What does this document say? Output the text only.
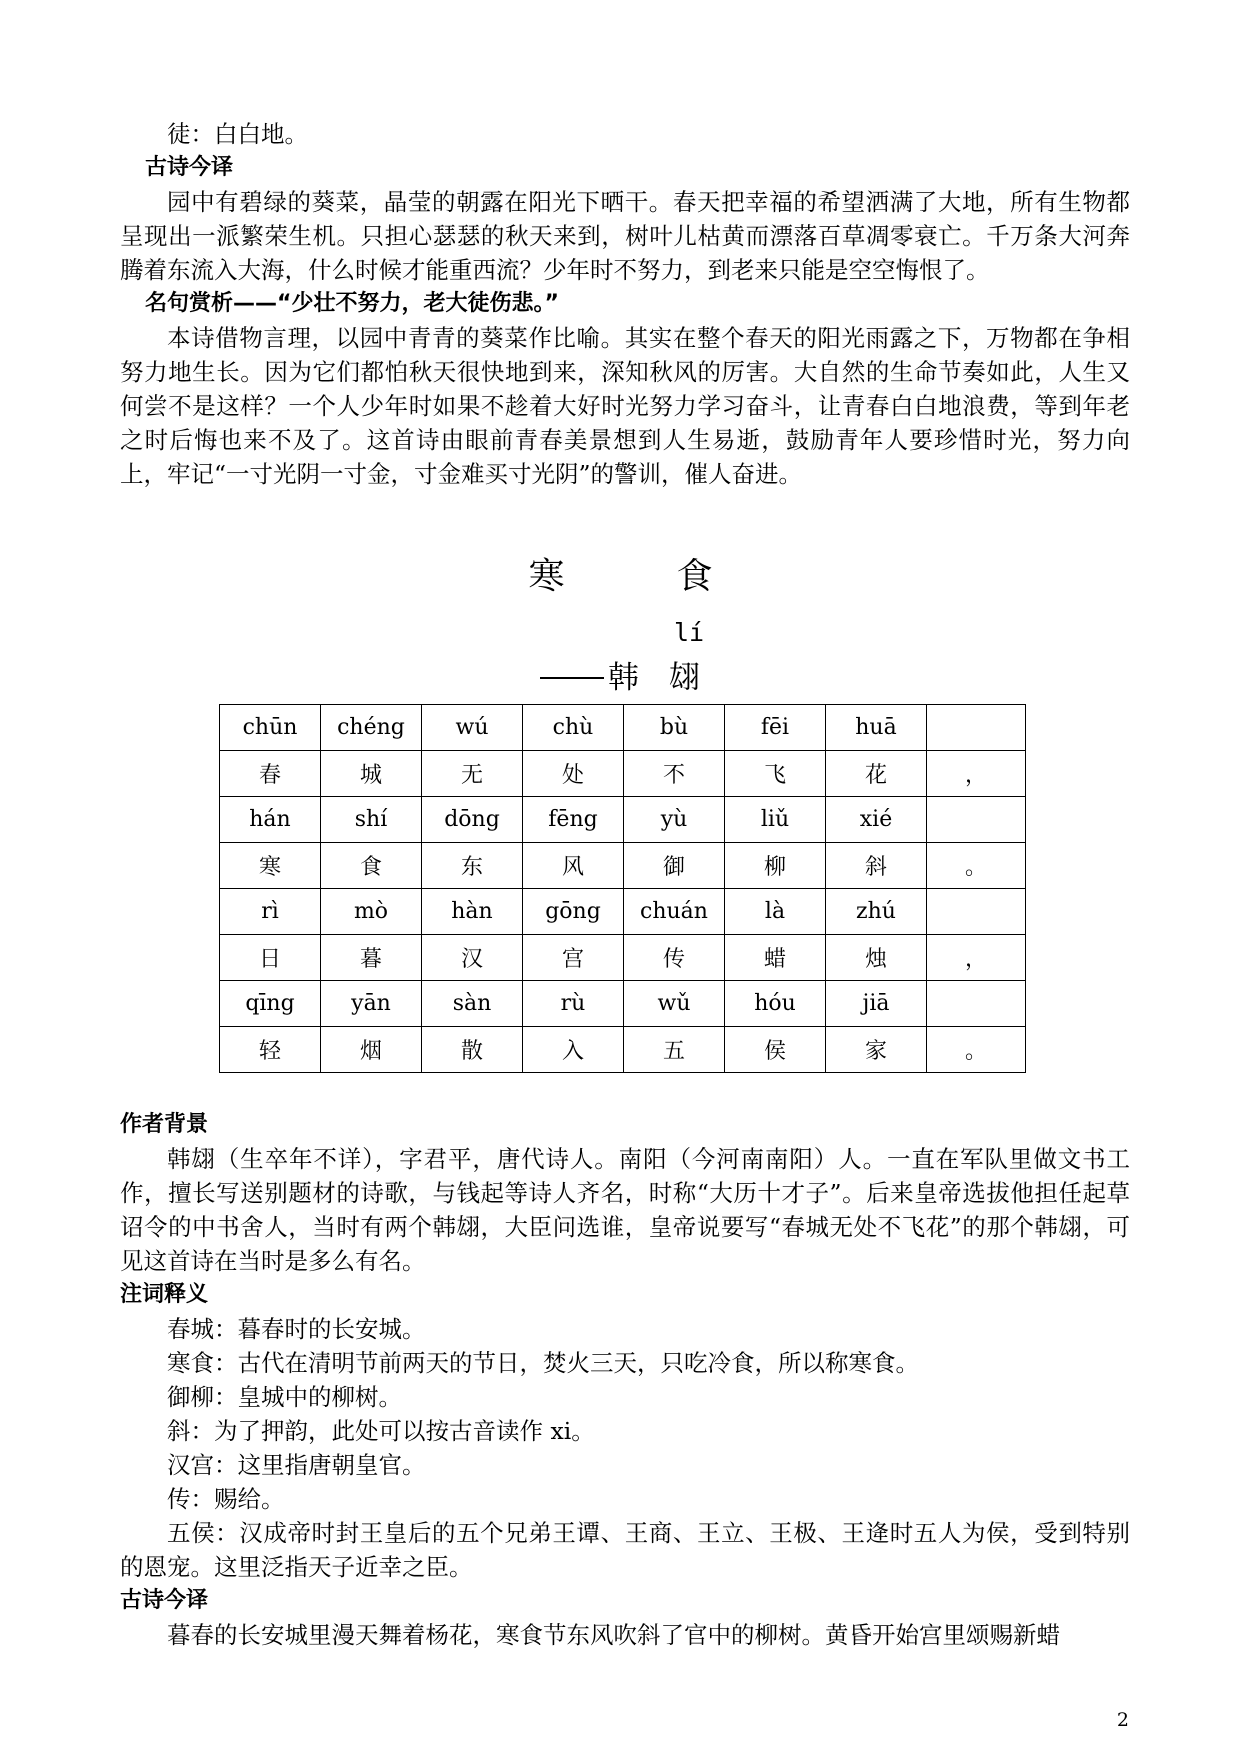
徒：白白地。

古诗今译

园中有碧绿的葵菜，晶莹的朝露在阳光下晒干。春天把幸福的希望洒满了大地，所有生物都呈现出一派繁荣生机。只担心瑟瑟的秋天来到，树叶儿枯黄而漂落百草凋零衰亡。千万条大河奔腾着东流入大海，什么时候才能重西流？少年时不努力，到老来只能是空空悔恨了。

名句赏析——“少壮不努力，老大徒伤悲。”

本诗借物言理，以园中青青的葵菜作比喻。其实在整个春天的阳光雨露之下，万物都在争相努力地生长。因为它们都怕秋天很快地到来，深知秋风的厉害。大自然的生命节奏如此，人生又何尝不是这样？一个人少年时如果不趁着大好时光努力学习奋斗，让青春白白地浪费，等到年老之时后悔也来不及了。这首诗由眼前青春美景想到人生易逝，鼓励青年人要珍惜时光，努力向上，牢记“一寸光阴一寸金，寸金难买寸光阴”的警训，催人奋进。

寒　食
lí
韩 翃
chūn	chéng	wú	chù	bù	fēi	huā	
春	城	无	处	不	飞	花	，
hán	shí	dōng	fēng	yù	liǔ	xié	
寒	食	东	风	御	柳	斜	。
rì	mò	hàn	gōng	chuán	là	zhú	
日	暮	汉	宫	传	蜡	烛	，
qīng	yān	sàn	rù	wǔ	hóu	jiā	
轻	烟	散	入	五	侯	家	。

作者背景

韩翃（生卒年不详），字君平，唐代诗人。南阳（今河南南阳）人。一直在军队里做文书工作，擅长写送别题材的诗歌，与钱起等诗人齐名，时称“大历十才子”。后来皇帝选拔他担任起草诏令的中书舍人，当时有两个韩翃，大臣问选谁，皇帝说要写“春城无处不飞花”的那个韩翃，可见这首诗在当时是多么有名。

注词释义

春城：暮春时的长安城。

寒食：古代在清明节前两天的节日，焚火三天，只吃冷食，所以称寒食。

御柳：皇城中的柳树。

斜：为了押韵，此处可以按古音读作 xi。

汉宫：这里指唐朝皇官。

传：赐给。

五侯：汉成帝时封王皇后的五个兄弟王谭、王商、王立、王极、王逄时五人为侯，受到特别的恩宠。这里泛指天子近幸之臣。

古诗今译

暮春的长安城里漫天舞着杨花，寒食节东风吹斜了官中的柳树。黄昏开始宫里颂赐新蜡

2
